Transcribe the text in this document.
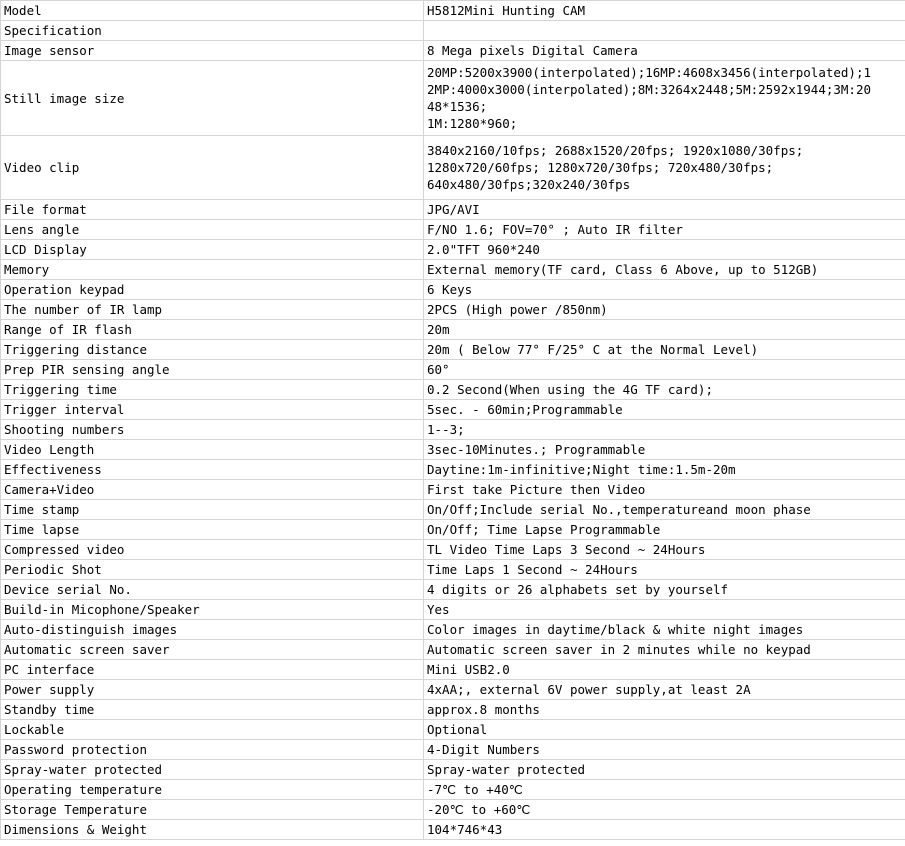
Model	H5812Mini Hunting CAM
Specification	
Image sensor	8 Mega pixels Digital Camera
Still image size	20MP:5200x3900(interpolated);16MP:4608x3456(interpolated);1
2MP:4000x3000(interpolated);8M:3264x2448;5M:2592x1944;3M:20
48*1536;
1M:1280*960;

Video clip	3840x2160/10fps; 2688x1520/20fps; 1920x1080/30fps;
1280x720/60fps; 1280x720/30fps; 720x480/30fps;
640x480/30fps;320x240/30fps

File format	JPG/AVI
Lens angle	F/NO 1.6; FOV=70° ; Auto IR filter
LCD Display	2.0"TFT 960*240
Memory	External memory(TF card, Class 6 Above, up to 512GB)
Operation keypad	6 Keys
The number of IR lamp	2PCS (High power /850nm)
Range of IR flash	20m
Triggering distance	20m ( Below 77° F/25° C at the Normal Level)
Prep PIR sensing angle	60°
Triggering time	0.2 Second(When using the 4G TF card);
Trigger interval	5sec. - 60min;Programmable
Shooting numbers	1--3;
Video Length	3sec-10Minutes.; Programmable
Effectiveness	Daytine:1m-infinitive;Night time:1.5m-20m
Camera+Video	First take Picture then Video
Time stamp	On/Off;Include serial No.,temperatureand moon phase
Time lapse	On/Off; Time Lapse Programmable
Compressed video	TL Video Time Laps 3 Second ~ 24Hours
Periodic Shot	Time Laps 1 Second ~ 24Hours
Device serial No.	4 digits or 26 alphabets set by yourself
Build-in Micophone/Speaker	Yes
Auto-distinguish images	Color images in daytime/black & white night images
Automatic screen saver	Automatic screen saver in 2 minutes while no keypad
PC interface	Mini USB2.0
Power supply	4xAA;, external 6V power supply,at least 2A
Standby time	approx.8 months
Lockable	Optional
Password protection	4-Digit Numbers
Spray-water protected	Spray-water protected
Operating temperature	-7℃ to +40℃
Storage Temperature	-20℃ to +60℃
Dimensions & Weight	104*746*43
